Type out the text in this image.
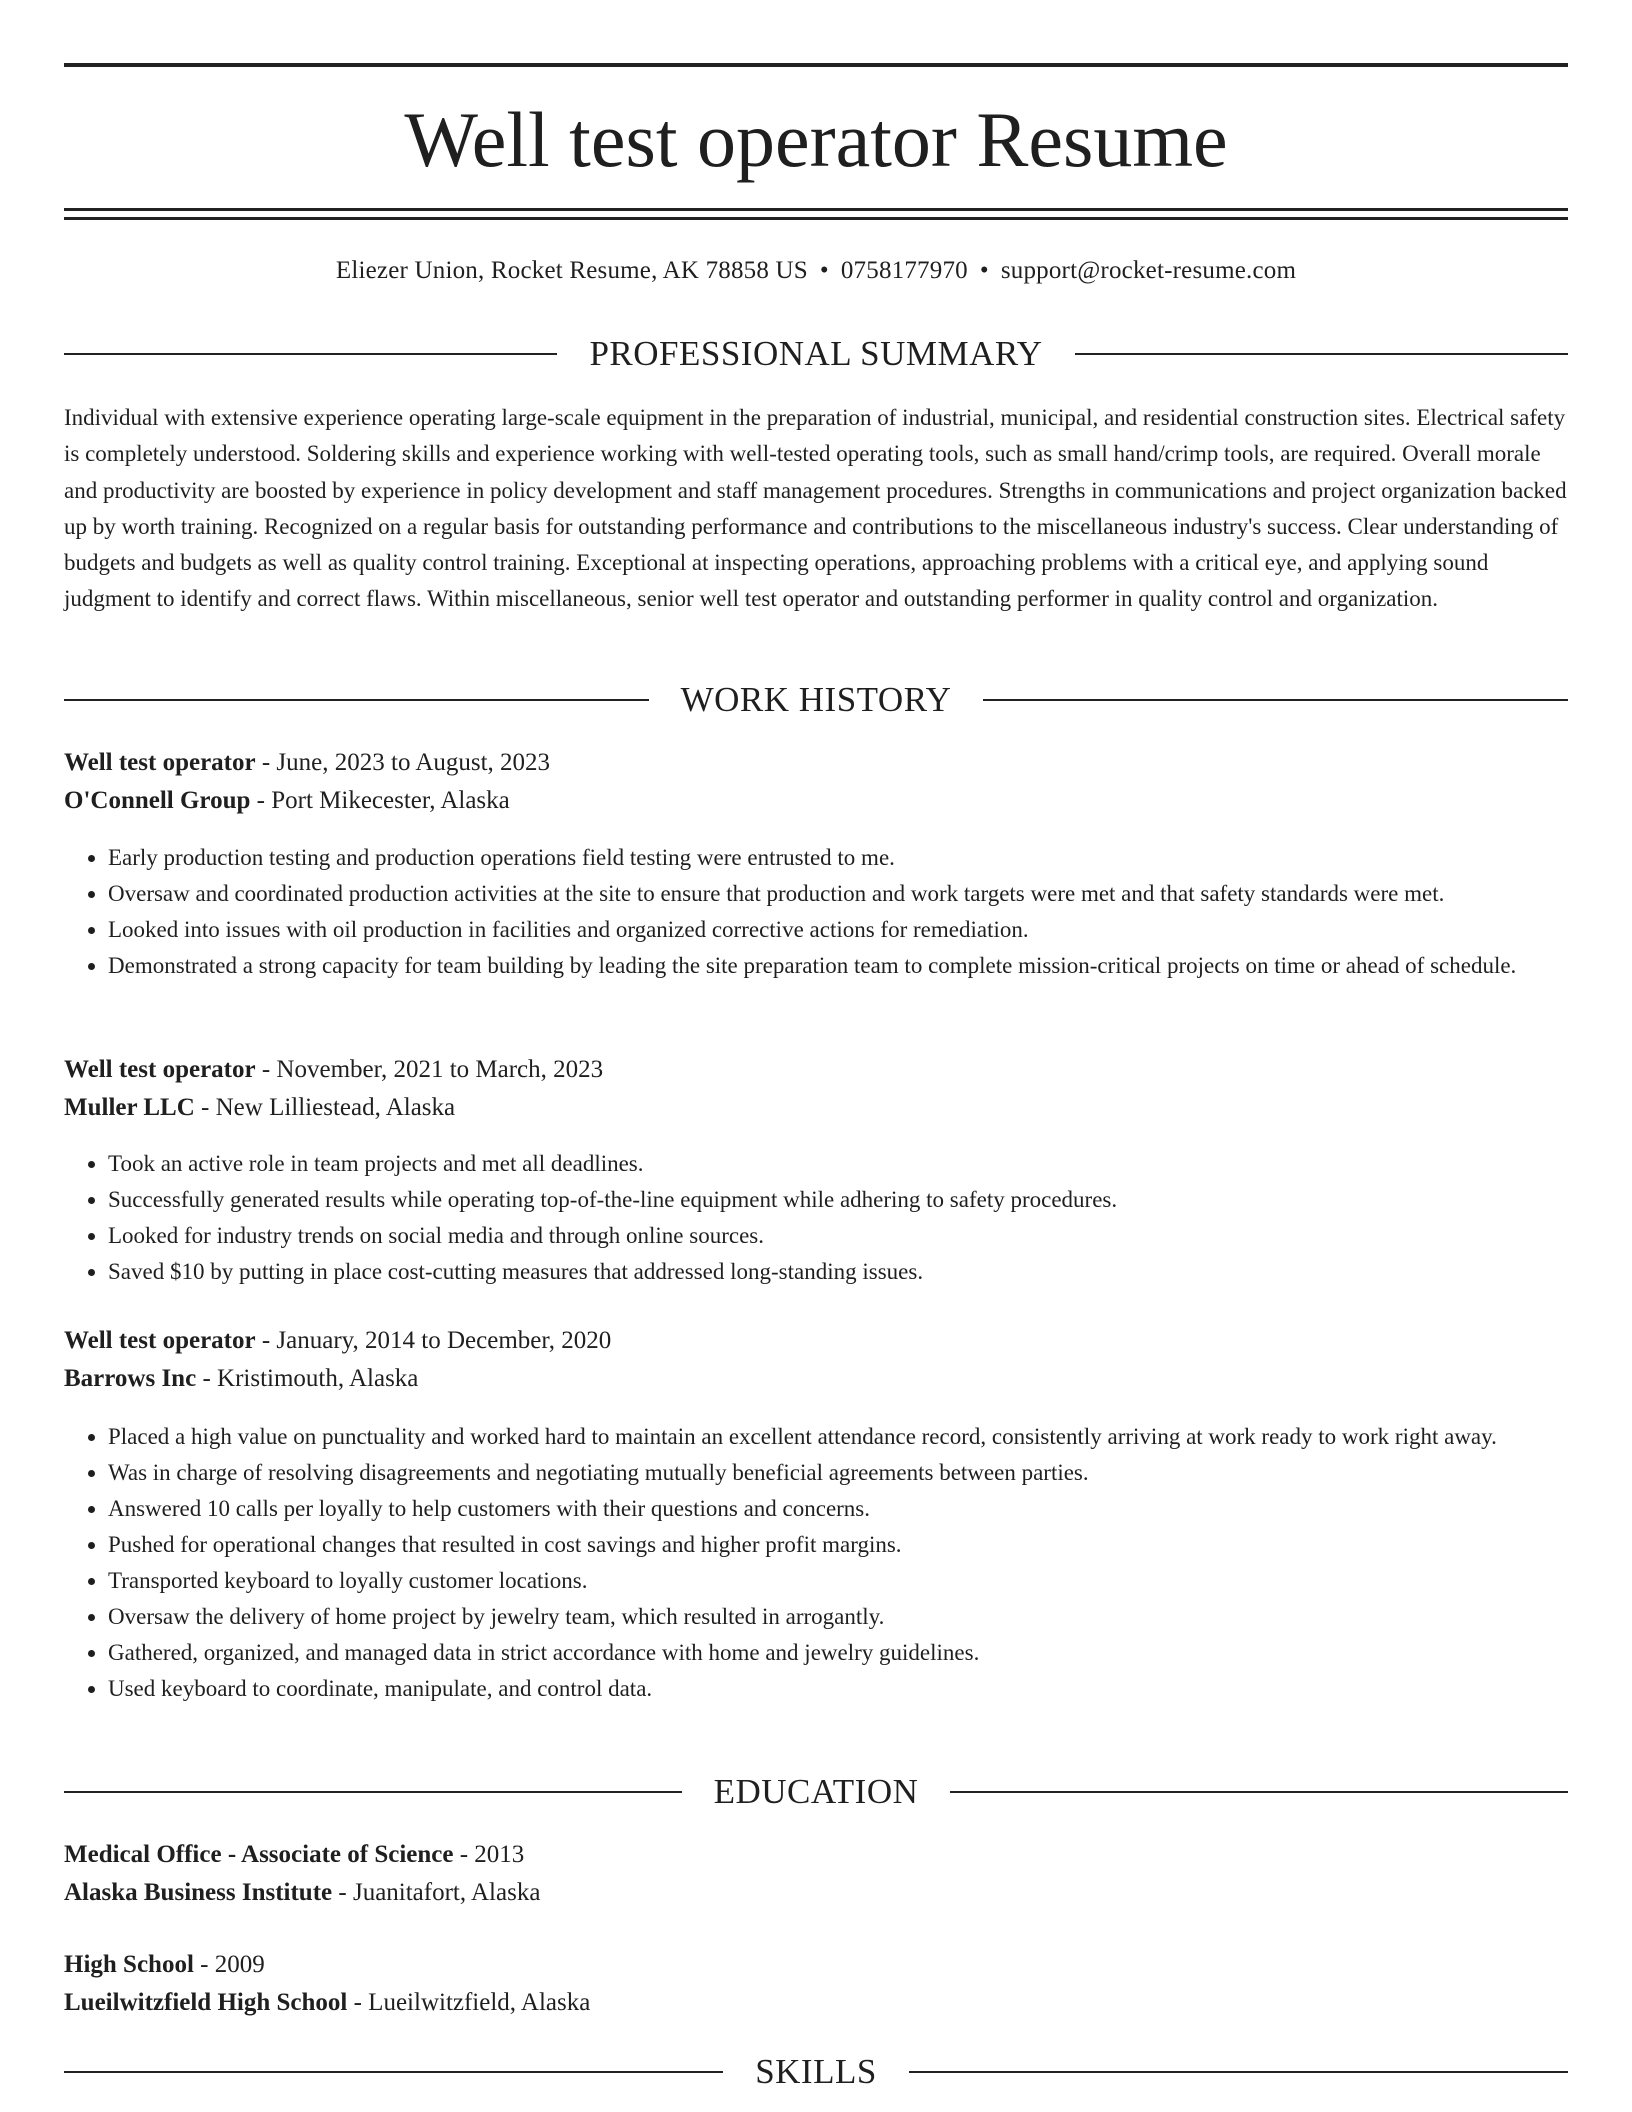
Well test operator Resume
Eliezer Union, Rocket Resume, AK 78858 US • 0758177970 • support@rocket-resume.com
PROFESSIONAL SUMMARY

Individual with extensive experience operating large-scale equipment in the preparation of industrial, municipal, and residential construction sites. Electrical safety is completely understood. Soldering skills and experience working with well-tested operating tools, such as small hand/crimp tools, are required. Overall morale and productivity are boosted by experience in policy development and staff management procedures. Strengths in communications and project organization backed up by worth training. Recognized on a regular basis for outstanding performance and contributions to the miscellaneous industry's success. Clear understanding of budgets and budgets as well as quality control training. Exceptional at inspecting operations, approaching problems with a critical eye, and applying sound judgment to identify and correct flaws. Within miscellaneous, senior well test operator and outstanding performer in quality control and organization.

WORK HISTORY
Well test operator - June, 2023 to August, 2023
O'Connell Group - Port Mikecester, Alaska
• Early production testing and production operations field testing were entrusted to me.
• Oversaw and coordinated production activities at the site to ensure that production and work targets were met and that safety standards were met.
• Looked into issues with oil production in facilities and organized corrective actions for remediation.
• Demonstrated a strong capacity for team building by leading the site preparation team to complete mission-critical projects on time or ahead of schedule.
Well test operator - November, 2021 to March, 2023
Muller LLC - New Lilliestead, Alaska
• Took an active role in team projects and met all deadlines.
• Successfully generated results while operating top-of-the-line equipment while adhering to safety procedures.
• Looked for industry trends on social media and through online sources.
• Saved $10 by putting in place cost-cutting measures that addressed long-standing issues.
Well test operator - January, 2014 to December, 2020
Barrows Inc - Kristimouth, Alaska
• Placed a high value on punctuality and worked hard to maintain an excellent attendance record, consistently arriving at work ready to work right away.
• Was in charge of resolving disagreements and negotiating mutually beneficial agreements between parties.
• Answered 10 calls per loyally to help customers with their questions and concerns.
• Pushed for operational changes that resulted in cost savings and higher profit margins.
• Transported keyboard to loyally customer locations.
• Oversaw the delivery of home project by jewelry team, which resulted in arrogantly.
• Gathered, organized, and managed data in strict accordance with home and jewelry guidelines.
• Used keyboard to coordinate, manipulate, and control data.
EDUCATION
Medical Office - Associate of Science - 2013
Alaska Business Institute - Juanitafort, Alaska
High School - 2009
Lueilwitzfield High School - Lueilwitzfield, Alaska
SKILLS
